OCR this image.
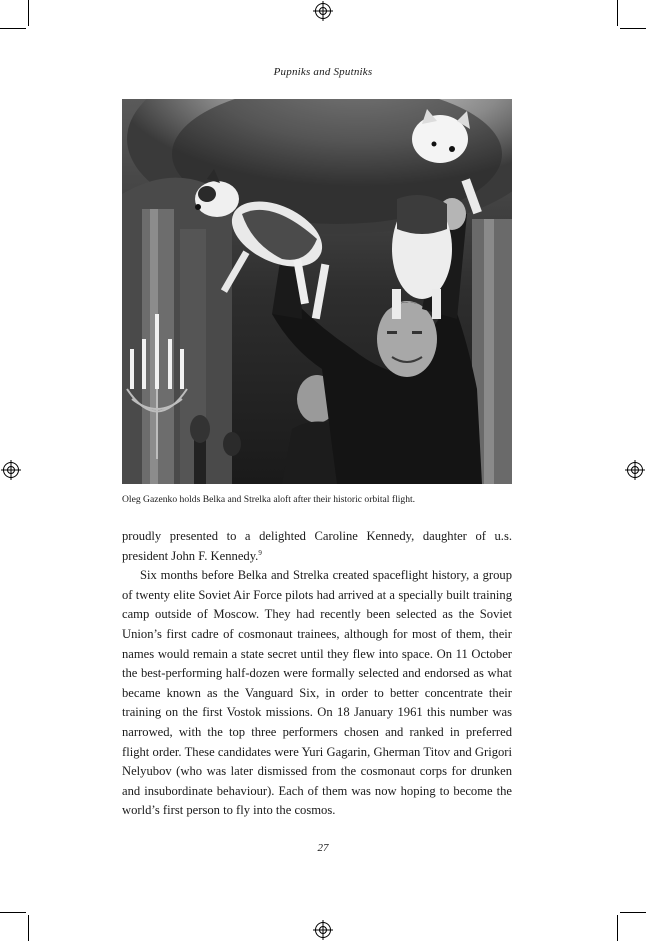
Pupniks and Sputniks
Oleg Gazenko holds Belka and Strelka aloft after their historic orbital flight.

proudly presented to a delighted Caroline Kennedy, daughter of u.s. president John F. Kennedy.$^9$

Six months before Belka and Strelka created spaceflight history, a group of twenty elite Soviet Air Force pilots had arrived at a specially built training camp outside of Moscow. They had recently been selected as the Soviet Union’s first cadre of cosmonaut trainees, although for most of them, their names would remain a state secret until they flew into space. On 11 October the best-performing half-dozen were formally selected and endorsed as what became known as the Vanguard Six, in order to better concentrate their training on the first Vostok missions. On 18 January 1961 this number was narrowed, with the top three performers chosen and ranked in preferred flight order. These candidates were Yuri Gagarin, Gherman Titov and Grigori Nelyubov (who was later dismissed from the cosmonaut corps for drunken and insubordinate behaviour). Each of them was now hoping to become the world’s first person to fly into the cosmos.

27
